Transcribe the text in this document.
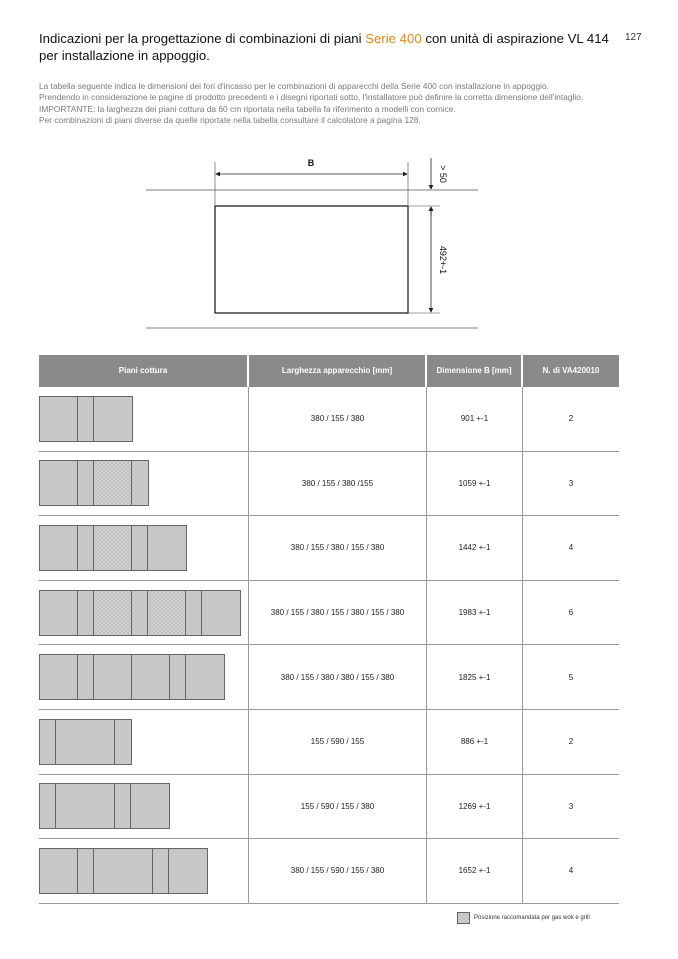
127
Indicazioni per la progettazione di combinazioni di piani Serie 400 con unità di aspirazione VL 414 per installazione in appoggio.

La tabella seguente indica le dimensioni dei fori d'incasso per le combinazioni di apparecchi della Serie 400 con installazione in appoggio.

Prendendo in considerazione le pagine di prodotto precedenti e i disegni riportati sotto, l'installatore può definire la corretta dimensione dell'intaglio. IMPORTANTE: la larghezza dei piani cottura da 60 cm riportata nella tabella fa riferimento a modelli con cornice.

Per combinazioni di piani diverse da quelle riportate nella tabella consultare il calcolatore a pagina 128.

B
> 50
492+-1
Piani cottura	Larghezza apparecchio [mm]	Dimensione B [mm]	N. di VA420010
380 / 155 / 380	901 +-1	2
380 / 155 / 380 /155	1059 +-1	3
380 / 155 / 380 / 155 / 380	1442 +-1	4
380 / 155 / 380 / 155 / 380 / 155 / 380	1983 +-1	6
380 / 155 / 380 / 380 / 155 / 380	1825 +-1	5
155 / 590 / 155	886 +-1	2
155 / 590 / 155 / 380	1269 +-1	3
380 / 155 / 590 / 155 / 380	1652 +-1	4
Posizione raccomandata per gas wok e grill
